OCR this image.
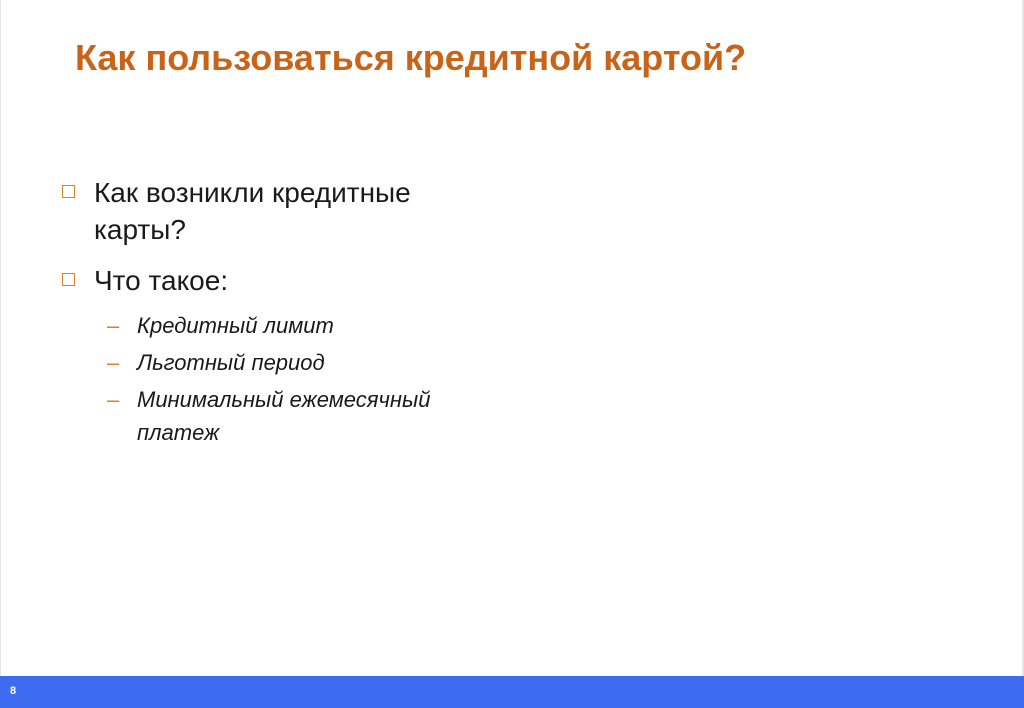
Как пользоваться кредитной картой?
Как возникли кредитные карты?
Что такое:
– Кредитный лимит
– Льготный период
– Минимальный ежемесячный платеж
8
